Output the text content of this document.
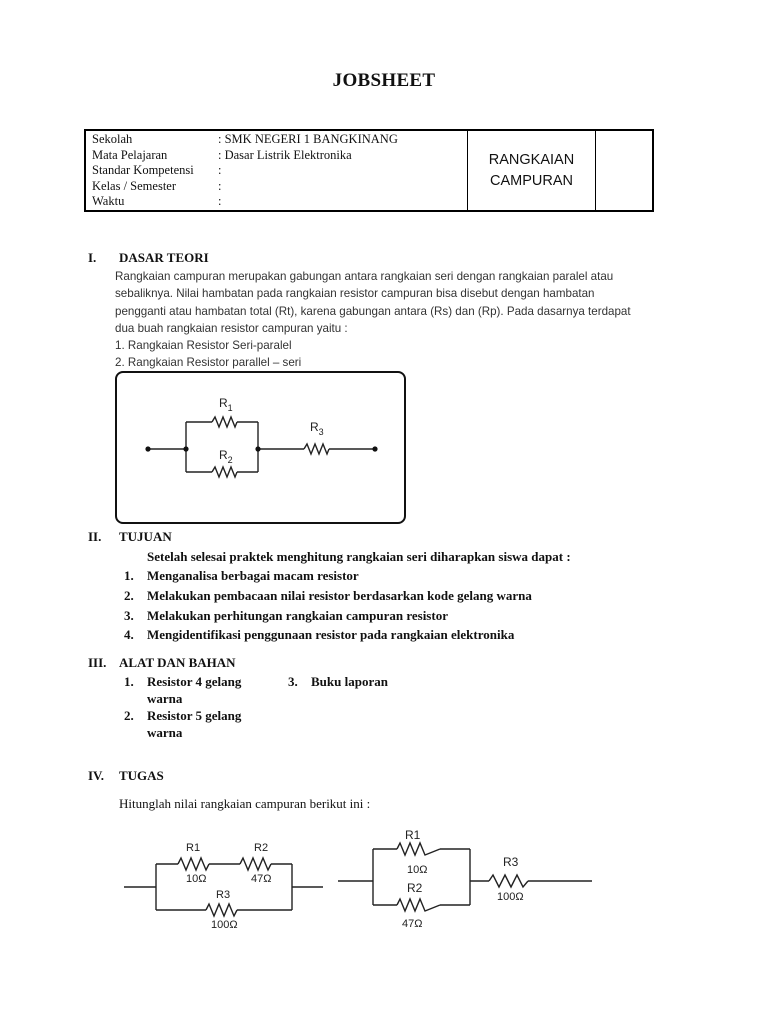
JOBSHEET
Sekolah	: SMK NEGERI 1 BANGKINANG
Mata Pelajaran	: Dasar Listrik Elektronika
Standar Kompetensi	:
Kelas / Semester	:
Waktu	:
RANGKAIAN
CAMPURAN
I. DASAR TEORI

Rangkaian campuran merupakan gabungan antara rangkaian seri dengan rangkaian paralel atau

sebaliknya. Nilai hambatan pada rangkaian resistor campuran bisa disebut dengan hambatan

pengganti atau hambatan total (Rt), karena gabungan antara (Rs) dan (Rp). Pada dasarnya terdapat

dua buah rangkaian resistor campuran yaitu :

1. Rangkaian Resistor Seri-paralel

2. Rangkaian Resistor parallel – seri

$R_1$
$R_2$
$R_3$
II. TUJUAN
Setelah selesai praktek menghitung rangkaian seri diharapkan siswa dapat :
1.	Menganalisa berbagai macam resistor
2.	Melakukan pembacaan nilai resistor berdasarkan kode gelang warna
3.	Melakukan perhitungan rangkaian campuran resistor
4.	Mengidentifikasi penggunaan resistor pada rangkaian elektronika
III. ALAT DAN BAHAN
1.	Resistor 4 gelang
warna
2.	Resistor 5 gelang
warna
3.	Buku laporan
IV. TUGAS
Hitunglah nilai rangkaian campuran berikut ini :
R1
10Ω
R2
47Ω
R3
100Ω
R1
10Ω
R2
47Ω
R3
100Ω
